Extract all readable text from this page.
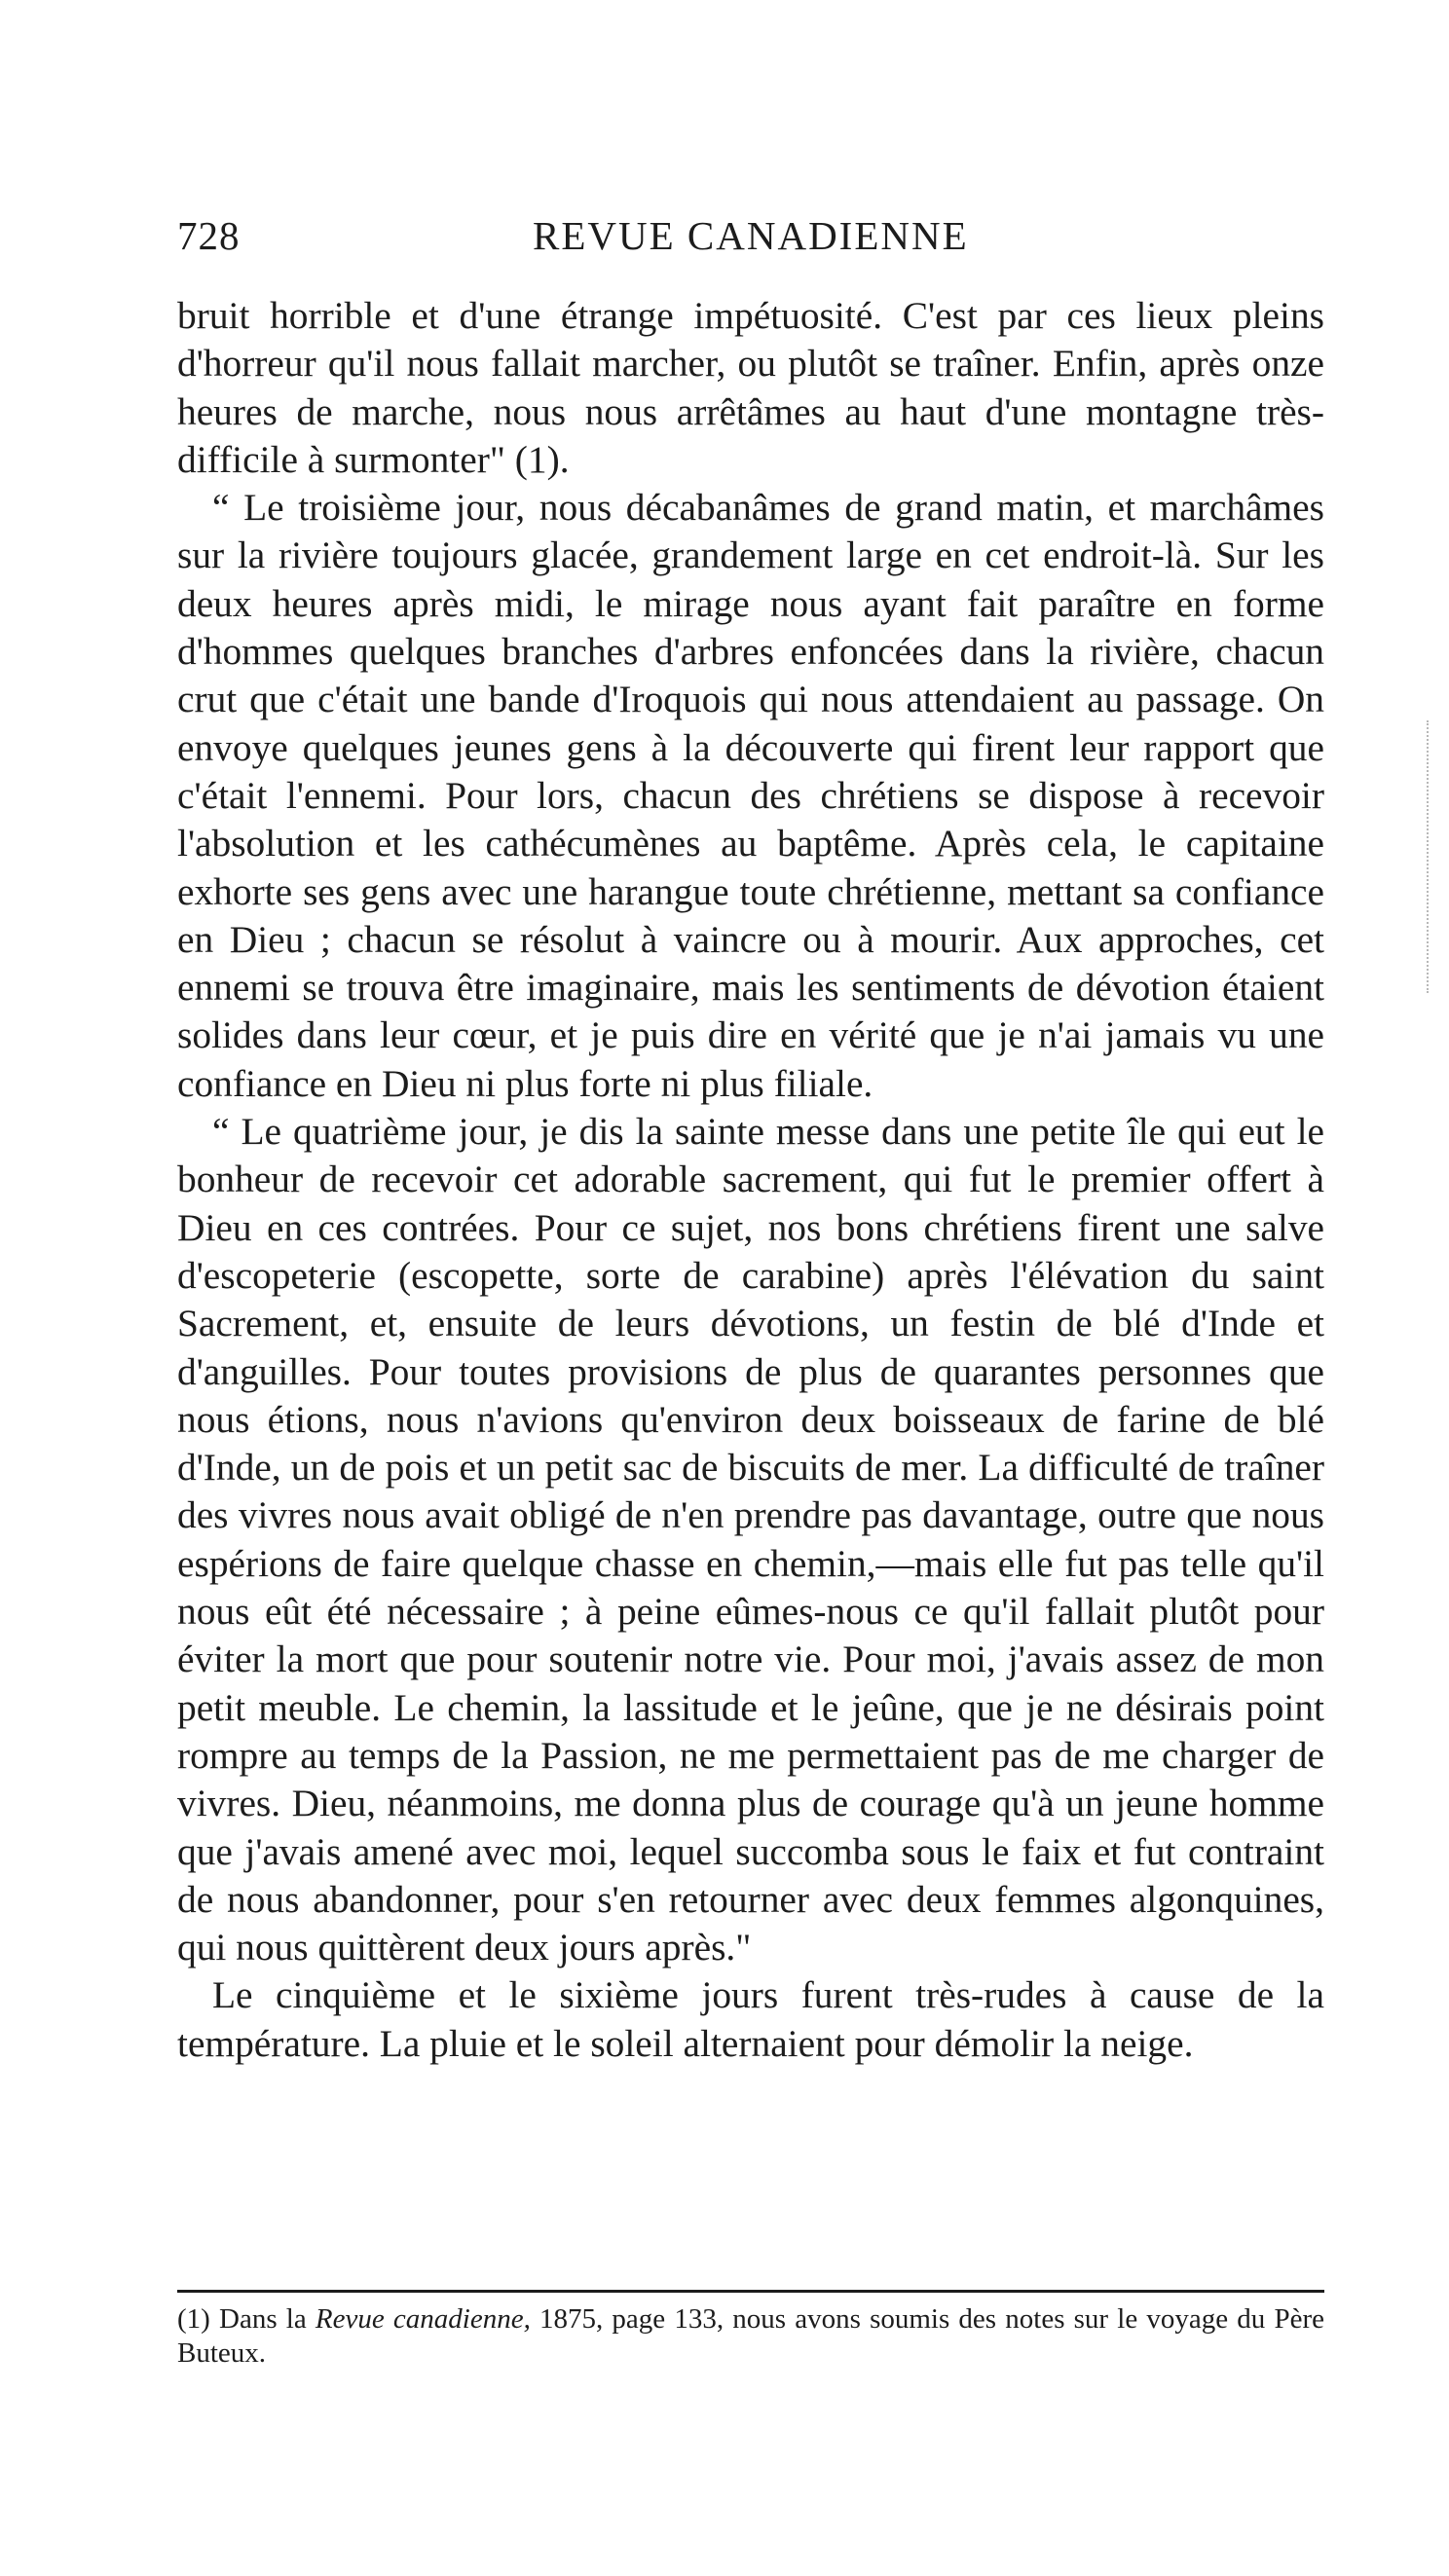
728	REVUE CANADIENNE

bruit horrible et d'une étrange impétuosité. C'est par ces lieux pleins d'horreur qu'il nous fallait marcher, ou plutôt se traîner. Enfin, après onze heures de marche, nous nous arrêtâmes au haut d'une montagne très-difficile à surmonter" (1).

“ Le troisième jour, nous décabanâmes de grand matin, et marchâmes sur la rivière toujours glacée, grandement large en cet endroit-là. Sur les deux heures après midi, le mirage nous ayant fait paraître en forme d'hommes quelques branches d'arbres enfoncées dans la rivière, chacun crut que c'était une bande d'Iroquois qui nous attendaient au passage. On envoye quelques jeunes gens à la découverte qui firent leur rapport que c'était l'ennemi. Pour lors, chacun des chrétiens se dispose à recevoir l'absolution et les cathécumènes au baptême. Après cela, le capitaine exhorte ses gens avec une harangue toute chrétienne, mettant sa confiance en Dieu ; chacun se résolut à vaincre ou à mourir. Aux approches, cet ennemi se trouva être imaginaire, mais les sentiments de dévotion étaient solides dans leur cœur, et je puis dire en vérité que je n'ai jamais vu une confiance en Dieu ni plus forte ni plus filiale.

“ Le quatrième jour, je dis la sainte messe dans une petite île qui eut le bonheur de recevoir cet adorable sacrement, qui fut le premier offert à Dieu en ces contrées. Pour ce sujet, nos bons chrétiens firent une salve d'escopeterie (escopette, sorte de carabine) après l'élévation du saint Sacrement, et, ensuite de leurs dévotions, un festin de blé d'Inde et d'anguilles. Pour toutes provisions de plus de quarantes personnes que nous étions, nous n'avions qu'environ deux boisseaux de farine de blé d'Inde, un de pois et un petit sac de biscuits de mer. La difficulté de traîner des vivres nous avait obligé de n'en prendre pas davantage, outre que nous espérions de faire quelque chasse en chemin,—mais elle fut pas telle qu'il nous eût été nécessaire ; à peine eûmes-nous ce qu'il fallait plutôt pour éviter la mort que pour soutenir notre vie. Pour moi, j'avais assez de mon petit meuble. Le chemin, la lassitude et le jeûne, que je ne désirais point rompre au temps de la Passion, ne me permettaient pas de me charger de vivres. Dieu, néanmoins, me donna plus de courage qu'à un jeune homme que j'avais amené avec moi, lequel succomba sous le faix et fut contraint de nous abandonner, pour s'en retourner avec deux femmes algonquines, qui nous quittèrent deux jours après."

Le cinquième et le sixième jours furent très-rudes à cause de la température. La pluie et le soleil alternaient pour démolir la neige.

(1) Dans la Revue canadienne, 1875, page 133, nous avons soumis des notes sur le voyage du Père Buteux.
